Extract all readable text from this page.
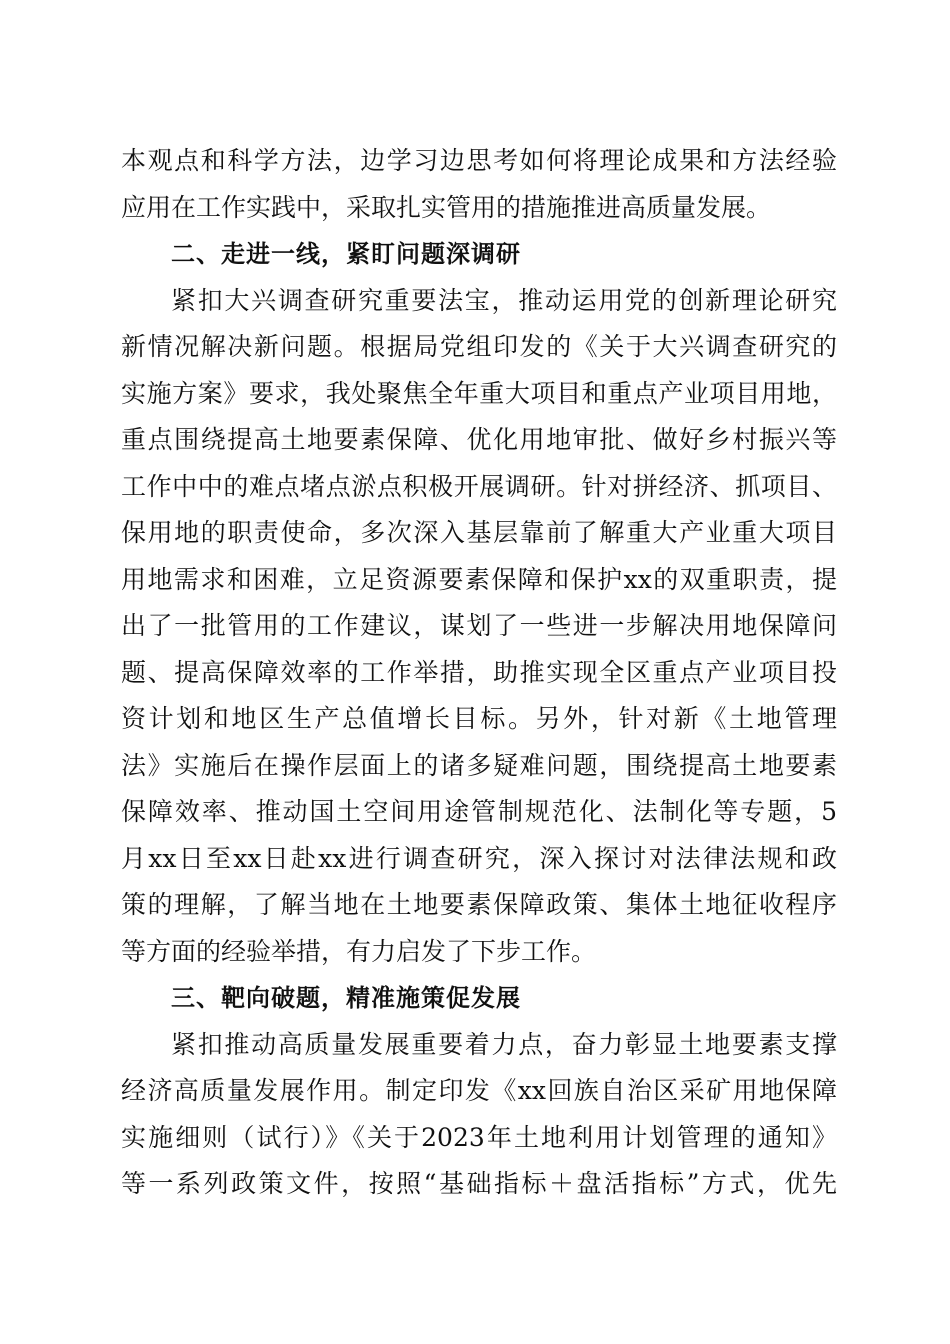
本观点和科学方法，边学习边思考如何将理论成果和方法经验
应用在工作实践中，采取扎实管用的措施推进高质量发展。
二、走进一线，紧盯问题深调研
紧扣大兴调查研究重要法宝，推动运用党的创新理论研究
新情况解决新问题。根据局党组印发的《关于大兴调查研究的
实施方案》要求，我处聚焦全年重大项目和重点产业项目用地，
重点围绕提高土地要素保障、优化用地审批、做好乡村振兴等
工作中中的难点堵点淤点积极开展调研。针对拼经济、抓项目、
保用地的职责使命，多次深入基层靠前了解重大产业重大项目
用地需求和困难，立足资源要素保障和保护xx的双重职责，提
出了一批管用的工作建议，谋划了一些进一步解决用地保障问
题、提高保障效率的工作举措，助推实现全区重点产业项目投
资计划和地区生产总值增长目标。另外，针对新《土地管理
法》实施后在操作层面上的诸多疑难问题，围绕提高土地要素
保障效率、推动国土空间用途管制规范化、法制化等专题，5
月xx日至xx日赴xx进行调查研究，深入探讨对法律法规和政
策的理解，了解当地在土地要素保障政策、集体土地征收程序
等方面的经验举措，有力启发了下步工作。
三、靶向破题，精准施策促发展
紧扣推动高质量发展重要着力点，奋力彰显土地要素支撑
经济高质量发展作用。制定印发《xx回族自治区采矿用地保障
实施细则（试行）》《关于2023年土地利用计划管理的通知》
等一系列政策文件，按照“基础指标＋盘活指标”方式，优先
